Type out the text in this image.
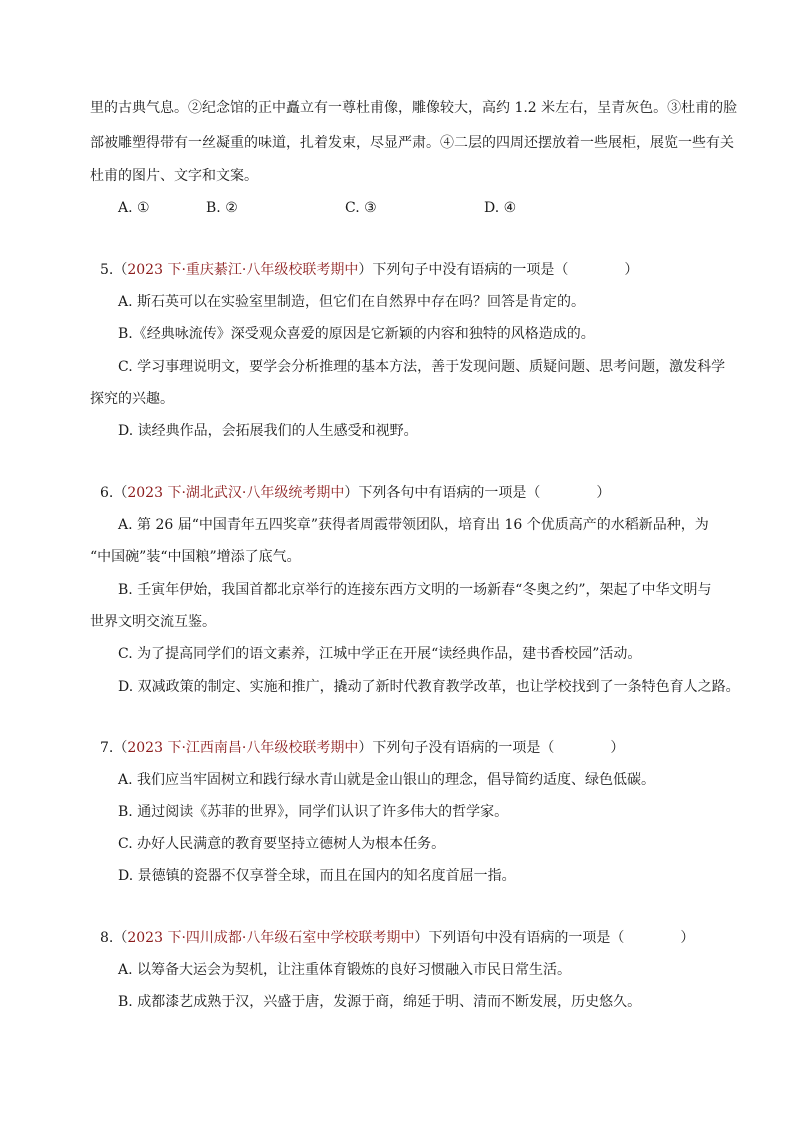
里的古典气息。②纪念馆的正中矗立有一尊杜甫像，雕像较大，高约 1.2 米左右，呈青灰色。③杜甫的脸
部被雕塑得带有一丝凝重的味道，扎着发束，尽显严肃。④二层的四周还摆放着一些展柜，展览一些有关
杜甫的图片、文字和文案。
A. ①	B. ②	C. ③	D. ④
5.（2023 下·重庆綦江·八年级校联考期中）下列句子中没有语病的一项是（　　　　）
A. 斯石英可以在实验室里制造，但它们在自然界中存在吗？回答是肯定的。
B.《经典咏流传》深受观众喜爱的原因是它新颖的内容和独特的风格造成的。
C. 学习事理说明文，要学会分析推理的基本方法，善于发现问题、质疑问题、思考问题，激发科学
探究的兴趣。
D. 读经典作品，会拓展我们的人生感受和视野。
6.（2023 下·湖北武汉·八年级统考期中）下列各句中有语病的一项是（　　　　）
A. 第 26 届“中国青年五四奖章”获得者周霞带领团队，培育出 16 个优质高产的水稻新品种，为
“中国碗”装“中国粮”增添了底气。
B. 壬寅年伊始，我国首都北京举行的连接东西方文明的一场新春“冬奥之约”，架起了中华文明与
世界文明交流互鉴。
C. 为了提高同学们的语文素养，江城中学正在开展“读经典作品，建书香校园”活动。
D. 双减政策的制定、实施和推广，撬动了新时代教育教学改革，也让学校找到了一条特色育人之路。
7.（2023 下·江西南昌·八年级校联考期中）下列句子没有语病的一项是（　　　　）
A. 我们应当牢固树立和践行绿水青山就是金山银山的理念，倡导简约适度、绿色低碳。
B. 通过阅读《苏菲的世界》，同学们认识了许多伟大的哲学家。
C. 办好人民满意的教育要坚持立德树人为根本任务。
D. 景德镇的瓷器不仅享誉全球，而且在国内的知名度首屈一指。
8.（2023 下·四川成都·八年级石室中学校联考期中）下列语句中没有语病的一项是（　　　　）
A. 以筹备大运会为契机，让注重体育锻炼的良好习惯融入市民日常生活。
B. 成都漆艺成熟于汉，兴盛于唐，发源于商，绵延于明、清而不断发展，历史悠久。
